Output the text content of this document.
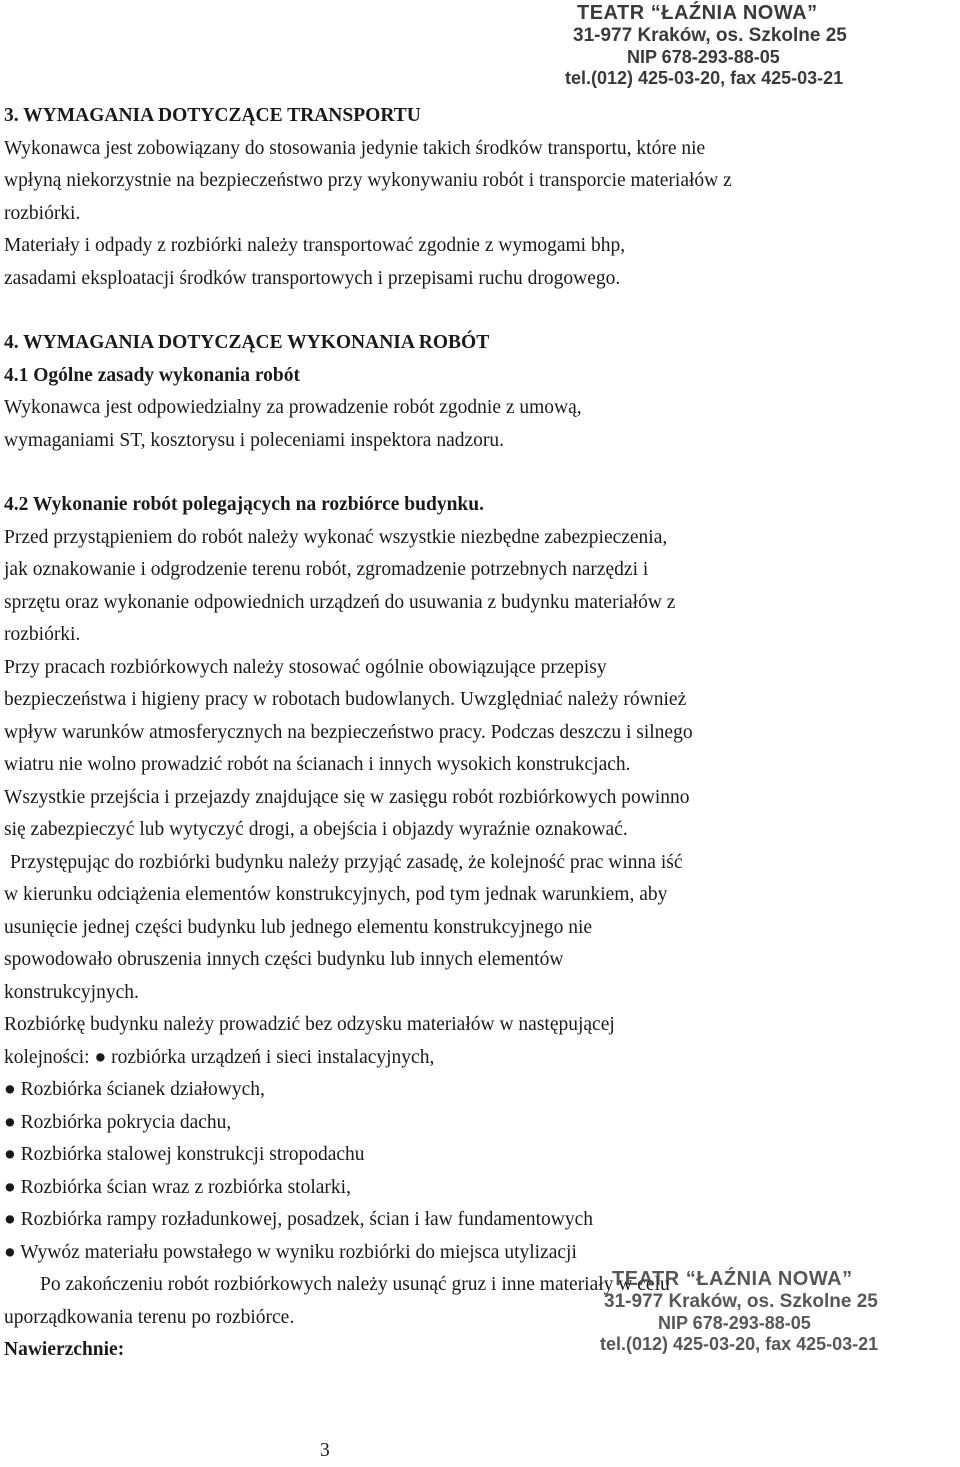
TEATR “ŁAŹNIA NOWA”
31-977 Kraków, os. Szkolne 25
NIP 678-293-88-05
tel.(012) 425-03-20, fax 425-03-21
3. WYMAGANIA DOTYCZĄCE TRANSPORTU
Wykonawca jest zobowiązany do stosowania jedynie takich środków transportu, które nie
wpłyną niekorzystnie na bezpieczeństwo przy wykonywaniu robót i transporcie materiałów z
rozbiórki.
Materiały i odpady z rozbiórki należy transportować zgodnie z wymogami bhp,
zasadami eksploatacji środków transportowych i przepisami ruchu drogowego.
4. WYMAGANIA DOTYCZĄCE WYKONANIA ROBÓT
4.1 Ogólne zasady wykonania robót
Wykonawca jest odpowiedzialny za prowadzenie robót zgodnie z umową,
wymaganiami ST, kosztorysu i poleceniami inspektora nadzoru.
4.2 Wykonanie robót polegających na rozbiórce budynku.
Przed przystąpieniem do robót należy wykonać wszystkie niezbędne zabezpieczenia,
jak oznakowanie i odgrodzenie terenu robót, zgromadzenie potrzebnych narzędzi i
sprzętu oraz wykonanie odpowiednich urządzeń do usuwania z budynku materiałów z
rozbiórki.
Przy pracach rozbiórkowych należy stosować ogólnie obowiązujące przepisy
bezpieczeństwa i higieny pracy w robotach budowlanych. Uwzględniać należy również
wpływ warunków atmosferycznych na bezpieczeństwo pracy. Podczas deszczu i silnego
wiatru nie wolno prowadzić robót na ścianach i innych wysokich konstrukcjach.
Wszystkie przejścia i przejazdy znajdujące się w zasięgu robót rozbiórkowych powinno
się zabezpieczyć lub wytyczyć drogi, a obejścia i objazdy wyraźnie oznakować.
Przystępując do rozbiórki budynku należy przyjąć zasadę, że kolejność prac winna iść
w kierunku odciążenia elementów konstrukcyjnych, pod tym jednak warunkiem, aby
usunięcie jednej części budynku lub jednego elementu konstrukcyjnego nie
spowodowało obruszenia innych części budynku lub innych elementów
konstrukcyjnych.
Rozbiórkę budynku należy prowadzić bez odzysku materiałów w następującej
kolejności: ● rozbiórka urządzeń i sieci instalacyjnych,
● Rozbiórka ścianek działowych,
● Rozbiórka pokrycia dachu,
● Rozbiórka stalowej konstrukcji stropodachu
● Rozbiórka ścian wraz z rozbiórka stolarki,
● Rozbiórka rampy rozładunkowej, posadzek, ścian i ław fundamentowych
● Wywóz materiału powstałego w wyniku rozbiórki do miejsca utylizacji
Po zakończeniu robót rozbiórkowych należy usunąć gruz i inne materiały w celu
uporządkowania terenu po rozbiórce.
Nawierzchnie:
TEATR “ŁAŹNIA NOWA”
31-977 Kraków, os. Szkolne 25
NIP 678-293-88-05
tel.(012) 425-03-20, fax 425-03-21
3
